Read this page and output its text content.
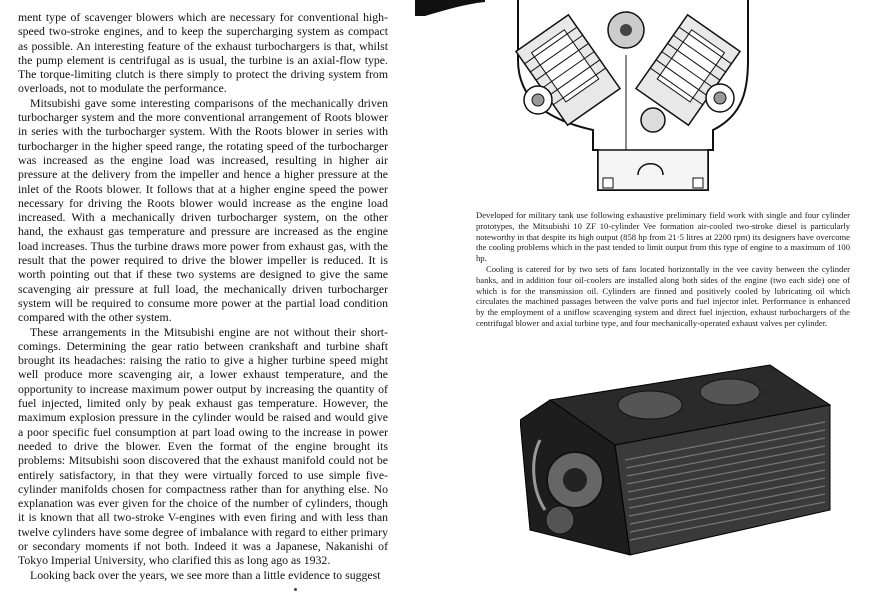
ment type of scavenger blowers which are necessary for conventional high-speed two-stroke engines, and to keep the supercharging system as compact as possible. An interesting feature of the exhaust turbochargers is that, whilst the pump element is centrifugal as is usual, the turbine is an axial-flow type. The torque-limiting clutch is there simply to protect the driving system from overloads, not to modulate the performance.

Mitsubishi gave some interesting comparisons of the mechanically driven turbocharger system and the more conventional arrangement of Roots blower in series with the turbocharger system. With the Roots blower in series with turbocharger in the higher speed range, the rotating speed of the turbocharger was increased as the engine load was increased, resulting in higher air pressure at the delivery from the impeller and hence a higher pressure at the inlet of the Roots blower. It follows that at a higher engine speed the power necessary for driving the Roots blower would increase as the engine load increased. With a mechanically driven turbocharger system, on the other hand, the exhaust gas temperature and pressure are increased as the engine load increases. Thus the turbine draws more power from exhaust gas, with the result that the power required to drive the blower impeller is reduced. It is worth pointing out that if these two systems are designed to give the same scavenging air pressure at full load, the mechanically driven turbocharger system will be required to consume more power at the partial load condition compared with the other system.

These arrangements in the Mitsubishi engine are not without their short-comings. Determining the gear ratio between crankshaft and turbine shaft brought its headaches: raising the ratio to give a higher turbine speed might well produce more scavenging air, a lower exhaust temperature, and the opportunity to increase maximum power output by increasing the quantity of fuel injected, limited only by peak exhaust gas temperature. However, the maximum explosion pressure in the cylinder would be raised and would give a poor specific fuel consumption at part load owing to the increase in power needed to drive the blower. Even the format of the engine brought its problems: Mitsubishi soon discovered that the exhaust manifold could not be entirely satisfactory, in that they were virtually forced to use simple five-cylinder manifolds chosen for compactness rather than for anything else. No explanation was ever given for the choice of the number of cylinders, though it is known that all two-stroke V-engines with even firing and with less than twelve cylinders have some degree of imbalance with regard to either primary or secondary moments if not both. Indeed it was a Japanese, Nakanishi of Tokyo Imperial University, who clarified this as long ago as 1932.

Looking back over the years, we see more than a little evidence to suggest

Developed for military tank use following exhaustive preliminary field work with single and four cylinder prototypes, the Mitsubishi 10 ZF 10-cylinder Vee formation air-cooled two-stroke diesel is particularly noteworthy in that despite its high output (858 hp from 21·5 litres at 2200 rpm) its designers have overcome the cooling problems which in the past tended to limit output from this type of engine to a maximum of 100 hp.

Cooling is catered for by two sets of fans located horizontally in the vee cavity between the cylinder banks, and in addition four oil-coolers are installed along both sides of the engine (two each side) one of which is for the transmission oil. Cylinders are finned and positively cooled by lubricating oil which circulates the machined passages between the valve ports and fuel injector inlet. Performance is enhanced by the employment of a uniflow scavenging system and direct fuel injection, exhaust turbochargers of the centrifugal blower and axial turbine type, and four mechanically-operated exhaust valves per cylinder.
